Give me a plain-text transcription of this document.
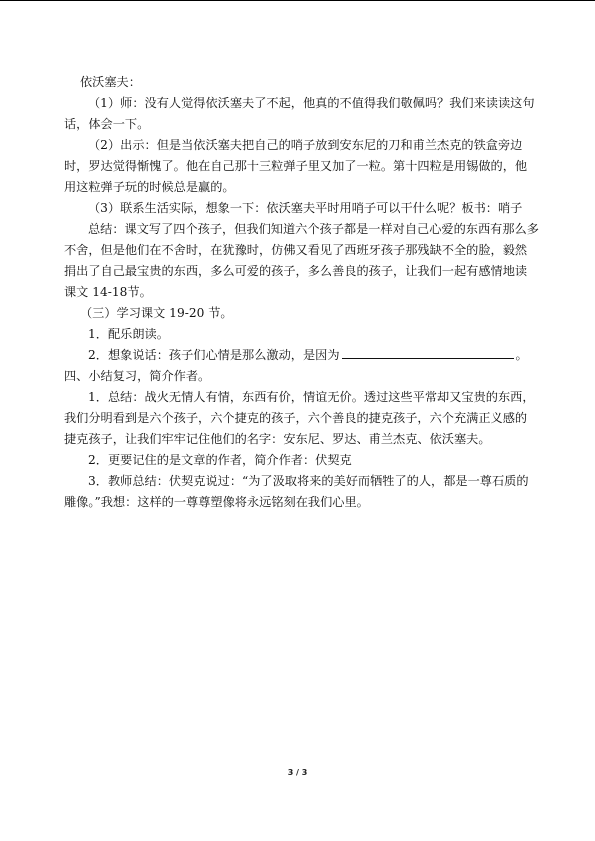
依沃塞夫：

（1）师：没有人觉得依沃塞夫了不起，他真的不值得我们敬佩吗？我们来读读这句话，体会一下。

（2）出示：但是当依沃塞夫把自己的哨子放到安东尼的刀和甫兰杰克的铁盒旁边时，罗达觉得惭愧了。他在自己那十三粒弹子里又加了一粒。第十四粒是用锡做的，他用这粒弹子玩的时候总是赢的。

（3）联系生活实际，想象一下：依沃塞夫平时用哨子可以干什么呢？板书：哨子

总结：课文写了四个孩子，但我们知道六个孩子都是一样对自己心爱的东西有那么多不舍，但是他们在不舍时，在犹豫时，仿佛又看见了西班牙孩子那残缺不全的脸，毅然捐出了自己最宝贵的东西，多么可爱的孩子，多么善良的孩子，让我们一起有感情地读课文 14-18节。

（三）学习课文 19-20 节。

1．配乐朗读。

2．想象说话：孩子们心情是那么激动，是因为	。

四、小结复习，简介作者。

1．总结：战火无情人有情，东西有价，情谊无价。透过这些平常却又宝贵的东西，我们分明看到是六个孩子，六个捷克的孩子，六个善良的捷克孩子，六个充满正义感的捷克孩子，让我们牢牢记住他们的名字：安东尼、罗达、甫兰杰克、依沃塞夫。

2．更要记住的是文章的作者，简介作者：伏契克

3．教师总结：伏契克说过：“为了汲取将来的美好而牺牲了的人，都是一尊石质的雕像。”我想：这样的一尊尊塑像将永远铭刻在我们心里。

3 / 3
